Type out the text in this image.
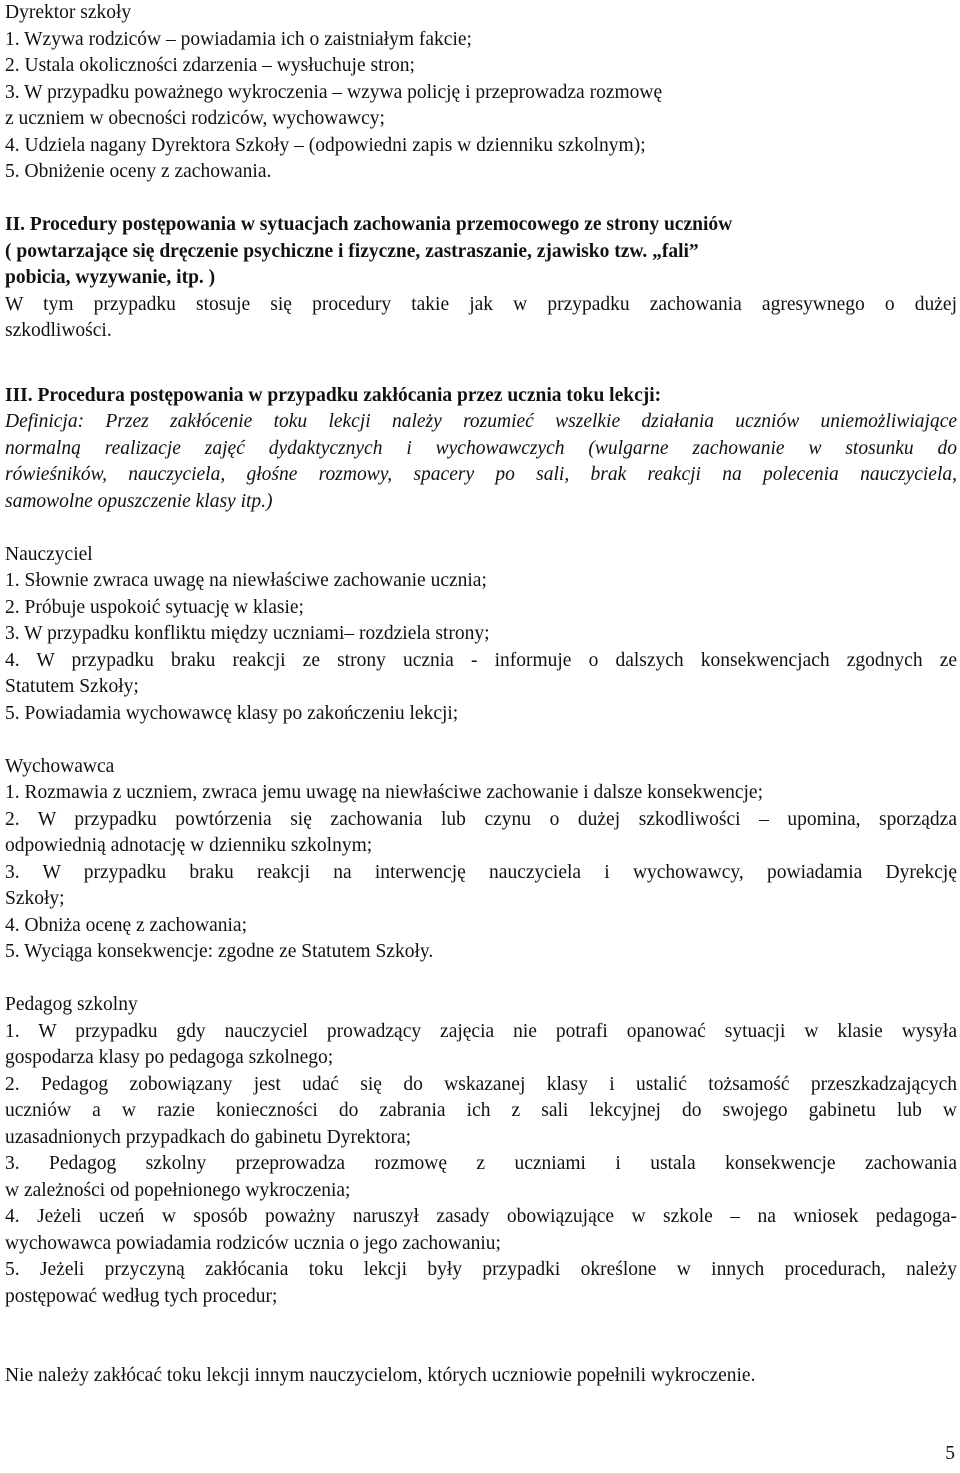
Dyrektor szkoły
1. Wzywa rodziców – powiadamia ich o zaistniałym fakcie;
2. Ustala okoliczności zdarzenia – wysłuchuje stron;
3. W przypadku poważnego wykroczenia – wzywa policję i przeprowadza rozmowę
z uczniem w obecności rodziców, wychowawcy;
4. Udziela nagany Dyrektora Szkoły – (odpowiedni zapis w dzienniku szkolnym);
5. Obniżenie oceny z zachowania.
II. Procedury postępowania w sytuacjach zachowania przemocowego ze strony uczniów
( powtarzające się dręczenie psychiczne i fizyczne, zastraszanie, zjawisko tzw. „fali”
pobicia, wyzywanie, itp. )
W tym przypadku stosuje się procedury takie jak w przypadku zachowania agresywnego o dużej
szkodliwości.
III. Procedura postępowania w przypadku zakłócania przez ucznia toku lekcji:
Definicja: Przez zakłócenie toku lekcji należy rozumieć wszelkie działania uczniów uniemożliwiające
normalną realizacje zajęć dydaktycznych i wychowawczych (wulgarne zachowanie w stosunku do
rówieśników, nauczyciela, głośne rozmowy, spacery po sali, brak reakcji na polecenia nauczyciela,
samowolne opuszczenie klasy itp.)
Nauczyciel
1. Słownie zwraca uwagę na niewłaściwe zachowanie ucznia;
2. Próbuje uspokoić sytuację w klasie;
3. W przypadku konfliktu między uczniami– rozdziela strony;
4. W przypadku braku reakcji ze strony ucznia - informuje o dalszych konsekwencjach zgodnych ze
Statutem Szkoły;
5. Powiadamia wychowawcę klasy po zakończeniu lekcji;
Wychowawca
1. Rozmawia z uczniem, zwraca jemu uwagę na niewłaściwe zachowanie i dalsze konsekwencje;
2. W przypadku powtórzenia się zachowania lub czynu o dużej szkodliwości – upomina, sporządza
odpowiednią adnotację w dzienniku szkolnym;
3. W przypadku braku reakcji na interwencję nauczyciela i wychowawcy, powiadamia Dyrekcję
Szkoły;
4. Obniża ocenę z zachowania;
5. Wyciąga konsekwencje: zgodne ze Statutem Szkoły.
Pedagog szkolny
1. W przypadku gdy nauczyciel prowadzący zajęcia nie potrafi opanować sytuacji w klasie wysyła
gospodarza klasy po pedagoga szkolnego;
2. Pedagog zobowiązany jest udać się do wskazanej klasy i ustalić tożsamość przeszkadzających
uczniów a w razie konieczności do zabrania ich z sali lekcyjnej do swojego gabinetu lub w
uzasadnionych przypadkach do gabinetu Dyrektora;
3. Pedagog szkolny przeprowadza rozmowę z uczniami i ustala konsekwencje zachowania
w zależności od popełnionego wykroczenia;
4. Jeżeli uczeń w sposób poważny naruszył zasady obowiązujące w szkole – na wniosek pedagoga-
wychowawca powiadamia rodziców ucznia o jego zachowaniu;
5. Jeżeli przyczyną zakłócania toku lekcji były przypadki określone w innych procedurach, należy
postępować według tych procedur;
Nie należy zakłócać toku lekcji innym nauczycielom, których uczniowie popełnili wykroczenie.
5
